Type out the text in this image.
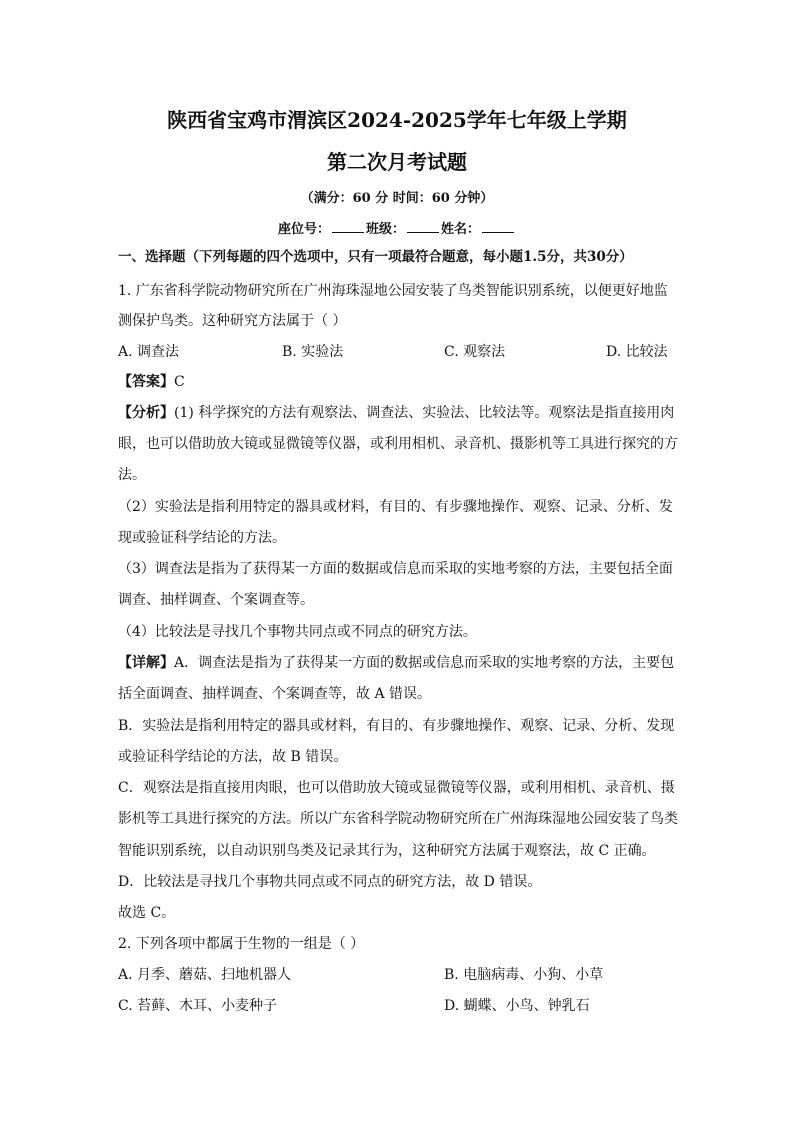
陕西省宝鸡市渭滨区2024-2025学年七年级上学期
第二次月考试题
（满分：60 分 时间：60 分钟）
座位号：	班级：	姓名：
一、选择题（下列每题的四个选项中，只有一项最符合题意，每小题1.5分，共30分）
1. 广东省科学院动物研究所在广州海珠湿地公园安装了鸟类智能识别系统，以便更好地监
测保护鸟类。这种研究方法属于（ ）
A. 调查法	B. 实验法	C. 观察法	D. 比较法
【答案】C
【分析】(1) 科学探究的方法有观察法、调查法、实验法、比较法等。观察法是指直接用肉
眼，也可以借助放大镜或显微镜等仪器，或利用相机、录音机、摄影机等工具进行探究的方
法。
（2）实验法是指利用特定的器具或材料，有目的、有步骤地操作、观察、记录、分析、发
现或验证科学结论的方法。
（3）调查法是指为了获得某一方面的数据或信息而采取的实地考察的方法，主要包括全面
调查、抽样调查、个案调查等。
（4）比较法是寻找几个事物共同点或不同点的研究方法。
【详解】A．调查法是指为了获得某一方面的数据或信息而采取的实地考察的方法，主要包
括全面调查、抽样调查、个案调查等，故 A 错误。
B．实验法是指利用特定的器具或材料，有目的、有步骤地操作、观察、记录、分析、发现
或验证科学结论的方法，故 B 错误。
C．观察法是指直接用肉眼，也可以借助放大镜或显微镜等仪器，或利用相机、录音机、摄
影机等工具进行探究的方法。所以广东省科学院动物研究所在广州海珠湿地公园安装了鸟类
智能识别系统，以自动识别鸟类及记录其行为，这种研究方法属于观察法，故 C 正确。
D．比较法是寻找几个事物共同点或不同点的研究方法，故 D 错误。
故选 C。
2. 下列各项中都属于生物的一组是（ ）
A. 月季、蘑菇、扫地机器人	B. 电脑病毒、小狗、小草
C. 苔藓、木耳、小麦种子	D. 蝴蝶、小鸟、钟乳石
